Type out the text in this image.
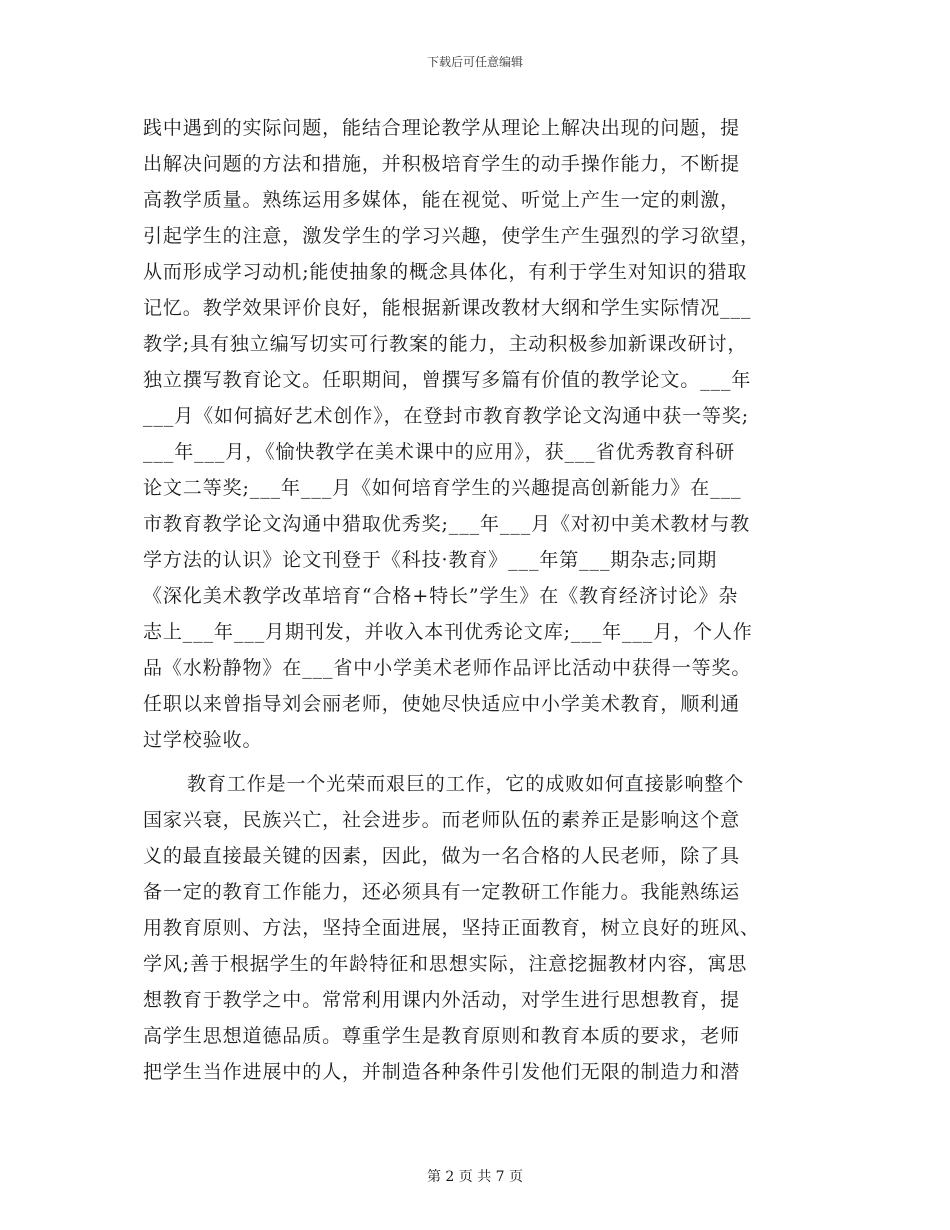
下载后可任意编辑
践中遇到的实际问题，能结合理论教学从理论上解决出现的问题，提
出解决问题的方法和措施，并积极培育学生的动手操作能力，不断提
高教学质量。熟练运用多媒体，能在视觉、听觉上产生一定的刺激，
引起学生的注意，激发学生的学习兴趣，使学生产生强烈的学习欲望，
从而形成学习动机;能使抽象的概念具体化，有利于学生对知识的猎取
记忆。教学效果评价良好，能根据新课改教材大纲和学生实际情况___
教学;具有独立编写切实可行教案的能力，主动积极参加新课改研讨，
独立撰写教育论文。任职期间，曾撰写多篇有价值的教学论文。___年
___月《如何搞好艺术创作》，在登封市教育教学论文沟通中获一等奖;
___年___月，《愉快教学在美术课中的应用》，获___省优秀教育科研
论文二等奖;___年___月《如何培育学生的兴趣提高创新能力》在___
市教育教学论文沟通中猎取优秀奖;___年___月《对初中美术教材与教
学方法的认识》论文刊登于《科技·教育》___年第___期杂志;同期
《深化美术教学改革培育“合格+特长”学生》在《教育经济讨论》杂
志上___年___月期刊发，并收入本刊优秀论文库;___年___月，个人作
品《水粉静物》在___省中小学美术老师作品评比活动中获得一等奖。
任职以来曾指导刘会丽老师，使她尽快适应中小学美术教育，顺利通
过学校验收。
教育工作是一个光荣而艰巨的工作，它的成败如何直接影响整个
国家兴衰，民族兴亡，社会进步。而老师队伍的素养正是影响这个意
义的最直接最关键的因素，因此，做为一名合格的人民老师，除了具
备一定的教育工作能力，还必须具有一定教研工作能力。我能熟练运
用教育原则、方法，坚持全面进展，坚持正面教育，树立良好的班风、
学风;善于根据学生的年龄特征和思想实际，注意挖掘教材内容，寓思
想教育于教学之中。常常利用课内外活动，对学生进行思想教育，提
高学生思想道德品质。尊重学生是教育原则和教育本质的要求，老师
把学生当作进展中的人，并制造各种条件引发他们无限的制造力和潜
第 2 页 共 7 页
